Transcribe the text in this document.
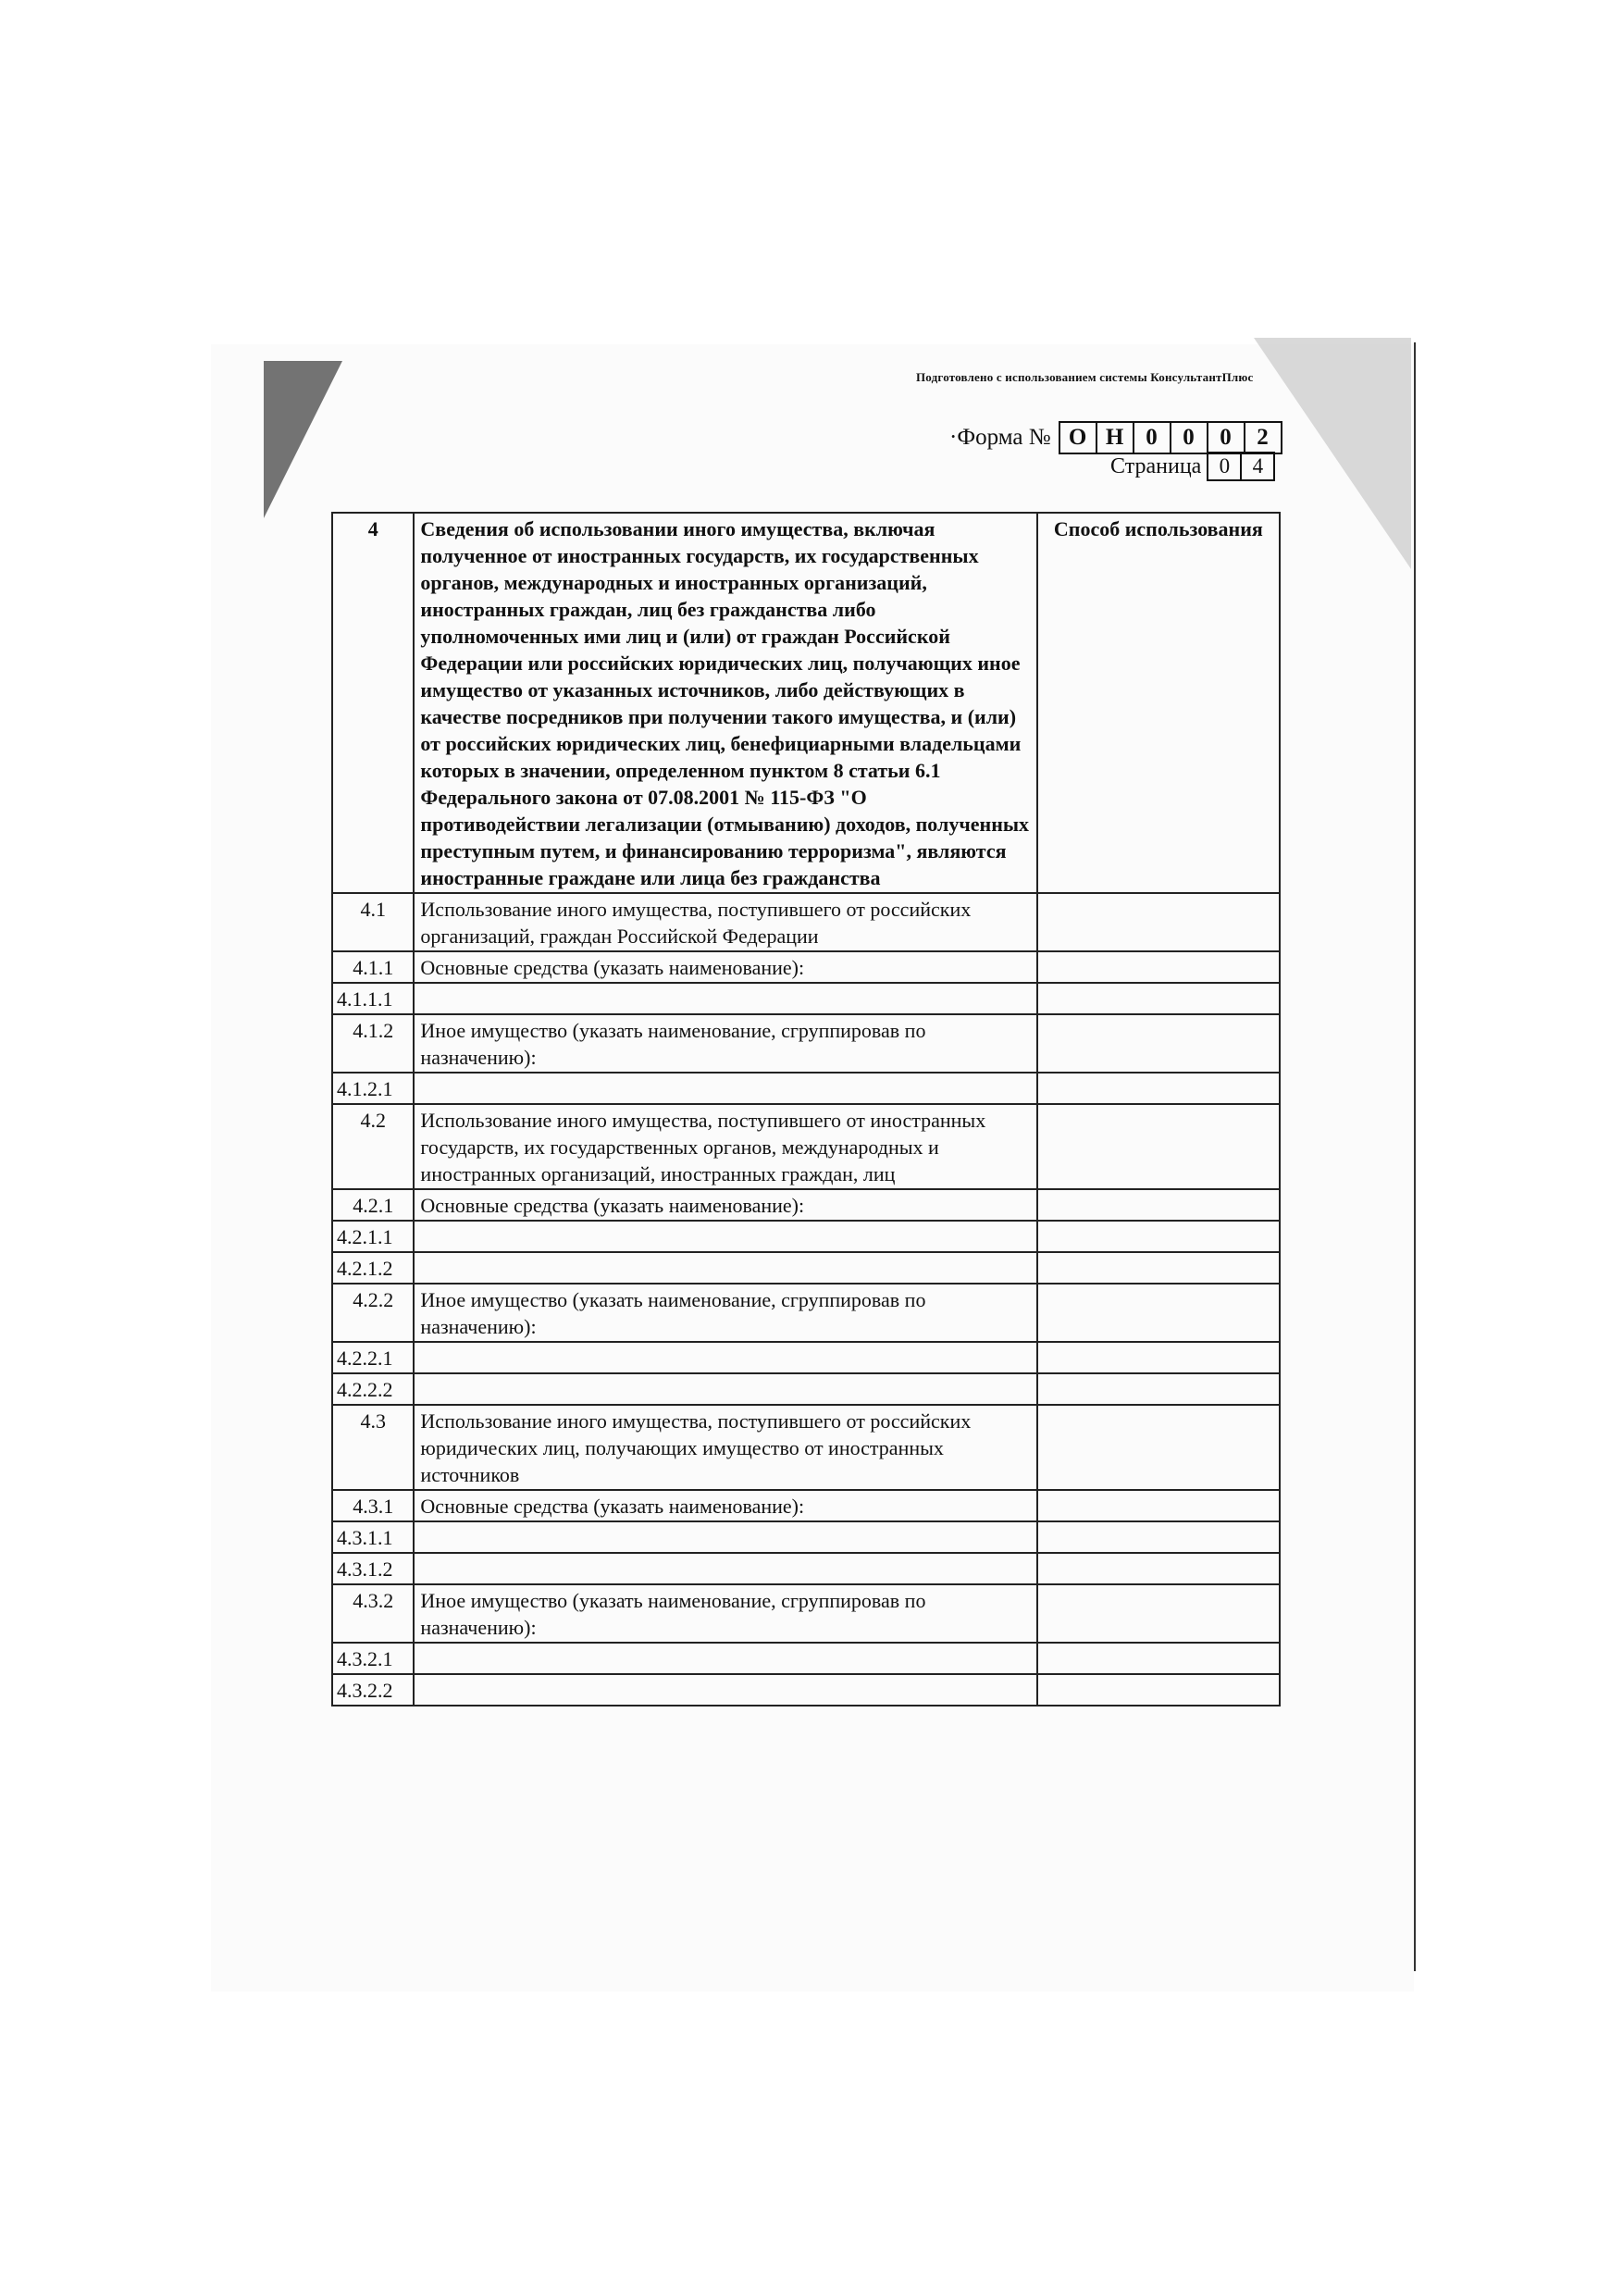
Подготовлено с использованием системы КонсультантПлюс
·Форма № О Н 0	0	0	2
Страница 0	4
4	Сведения об использовании иного имущества, включая полученное от иностранных государств, их государственных органов, международных и иностранных организаций, иностранных граждан, лиц без гражданства либо уполномоченных ими лиц и (или) от граждан Российской Федерации или российских юридических лиц, получающих иное имущество от указанных источников, либо действующих в качестве посредников при получении такого имущества, и (или) от российских юридических лиц, бенефициарными владельцами которых в значении, определенном пунктом 8 статьи 6.1 Федерального закона от 07.08.2001 № 115-ФЗ "О противодействии легализации (отмыванию) доходов, полученных преступным путем, и финансированию терроризма", являются иностранные граждане или лица без гражданства	Способ использования
4.1	Использование иного имущества, поступившего от российских организаций, граждан Российской Федерации	
4.1.1	Основные средства (указать наименование):	
4.1.1.1		
4.1.2	Иное имущество (указать наименование, сгруппировав по назначению):	
4.1.2.1		
4.2	Использование иного имущества, поступившего от иностранных государств, их государственных органов, международных и иностранных организаций, иностранных граждан, лиц	
4.2.1	Основные средства (указать наименование):	
4.2.1.1		
4.2.1.2		
4.2.2	Иное имущество (указать наименование, сгруппировав по назначению):	
4.2.2.1		
4.2.2.2		
4.3	Использование иного имущества, поступившего от российских юридических лиц, получающих имущество от иностранных источников	
4.3.1	Основные средства (указать наименование):	
4.3.1.1		
4.3.1.2		
4.3.2	Иное имущество (указать наименование, сгруппировав по назначению):	
4.3.2.1		
4.3.2.2		
